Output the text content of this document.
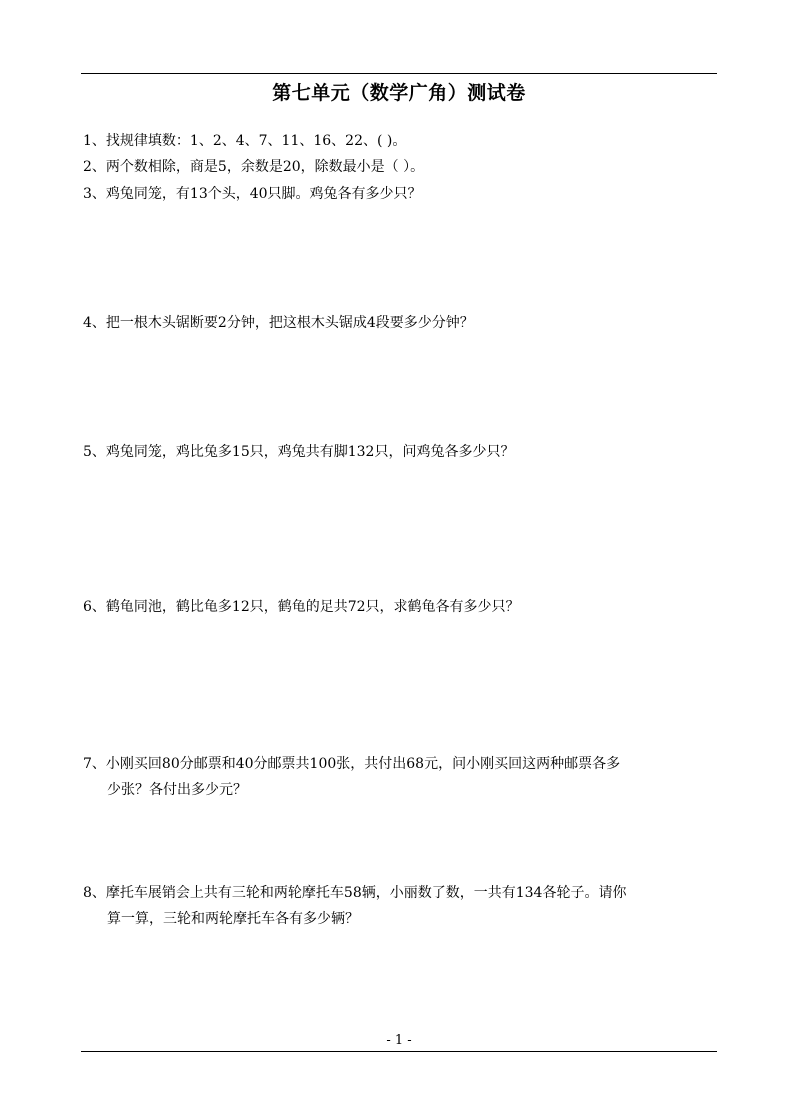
第七单元（数学广角）测试卷
1、找规律填数：1、2、4、7、11、16、22、( )。
2、两个数相除，商是5，余数是20，除数最小是（ ）。
3、鸡兔同笼，有13个头，40只脚。鸡兔各有多少只？
4、把一根木头锯断要2分钟，把这根木头锯成4段要多少分钟？
5、鸡兔同笼，鸡比兔多15只，鸡兔共有脚132只，问鸡兔各多少只？
6、鹤龟同池，鹤比龟多12只，鹤龟的足共72只，求鹤龟各有多少只？
7、小刚买回80分邮票和40分邮票共100张，共付出68元，问小刚买回这两种邮票各多
少张？各付出多少元？
8、摩托车展销会上共有三轮和两轮摩托车58辆，小丽数了数，一共有134各轮子。请你
算一算，三轮和两轮摩托车各有多少辆？
- 1 -
